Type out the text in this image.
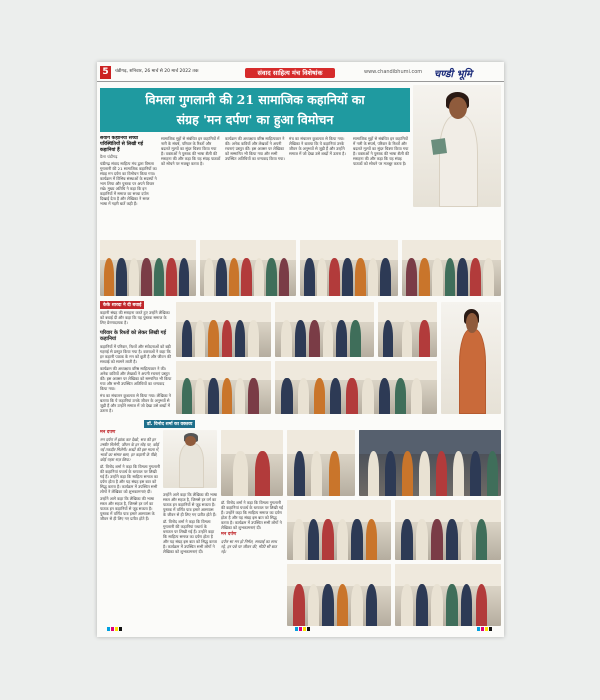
5	चंडीगढ़, शनिवार, 26 मार्च से 20 मार्च 2022 तक	संवाद साहित्य मंच विशेषांक	www.chandibhumi.com चण्डी भूमि
विमला गुगलानी की 21 सामाजिक कहानियों का
संग्रह 'मन दर्पण' का हुआ विमोचन
संयोग कहानियां सच्ची परिस्थितियों से लिखी गई कहानियां हैं
डैला चंडीगढ़

चंडीगढ़ संवाद साहित्य मंच द्वारा विमला गुगलानी की 21 सामाजिक कहानियों का संग्रह मन दर्पण का विमोचन किया गया। कार्यक्रम में विभिन्न संस्थाओं के सदस्यों ने भाग लिया और पुस्तक पर अपने विचार रखे। मुख्य अतिथि ने कहा कि इन कहानियों में समाज का सच्चा दर्पण दिखाई देता है और लेखिका ने सरल भाषा में गहरी बातें कही हैं।

सामाजिक मुद्दों से संबंधित इन कहानियों में नारी के संघर्ष, परिवार के रिश्तों और बदलते मूल्यों का सुंदर चित्रण किया गया है। वक्ताओं ने पुस्तक की भाषा शैली की सराहना की और कहा कि यह संग्रह पाठकों को सोचने पर मजबूर करता है।

कार्यक्रम की अध्यक्षता वरिष्ठ साहित्यकार ने की। अनेक कवियों और लेखकों ने अपनी रचनाएं प्रस्तुत कीं। इस अवसर पर लेखिका को सम्मानित भी किया गया और सभी उपस्थित अतिथियों का धन्यवाद किया गया।

मंच का संचालन कुशलता से किया गया। लेखिका ने बताया कि ये कहानियां उनके जीवन के अनुभवों से जुड़ी हैं और उन्होंने समाज में जो देखा उसे शब्दों में उतारा है।

सामाजिक मुद्दों से संबंधित इन कहानियों में नारी के संघर्ष, परिवार के रिश्तों और बदलते मूल्यों का सुंदर चित्रण किया गया है। वक्ताओं ने पुस्तक की भाषा शैली की सराहना की और कहा कि यह संग्रह पाठकों को सोचने पर मजबूर करता है।

केके शारदा ने दी बधाई

कहानी संग्रह की सराहना करते हुए उन्होंने लेखिका को बधाई दी और कहा कि यह पुस्तक समाज के लिए प्रेरणादायक है।

परिवार के रिश्तों को लेकर लिखी गई कहानियां

कहानियों में परिवार, रिश्तों और संवेदनाओं को बड़ी गहराई से प्रस्तुत किया गया है। वक्ताओं ने कहा कि हर कहानी पाठक के मन को छूती है और जीवन की सच्चाई को सामने लाती है।

कार्यक्रम की अध्यक्षता वरिष्ठ साहित्यकार ने की। अनेक कवियों और लेखकों ने अपनी रचनाएं प्रस्तुत कीं। इस अवसर पर लेखिका को सम्मानित भी किया गया और सभी उपस्थित अतिथियों का धन्यवाद किया गया।

मंच का संचालन कुशलता से किया गया। लेखिका ने बताया कि ये कहानियां उनके जीवन के अनुभवों से जुड़ी हैं और उन्होंने समाज में जो देखा उसे शब्दों में उतारा है।

डॉ. विनोद शर्मा का वक्तव्य
मन दर्पण

मन दर्पण में झांक कर देखो, सच की हर तस्वीर मिलेगी, जीवन के हर मोड़ पर, कोई नई तकदीर मिलेगी। शब्दों की इस माला में, भावों का संसार बसा, हर कहानी के पीछे, कोई गहरा राज़ छिपा।

डॉ. विनोद शर्मा ने कहा कि विमला गुगलानी की कहानियां यथार्थ के धरातल पर लिखी गई हैं। उन्होंने कहा कि साहित्य समाज का दर्पण होता है और यह संग्रह इस बात को सिद्ध करता है। कार्यक्रम में उपस्थित सभी लोगों ने लेखिका को शुभकामनाएं दीं।

उन्होंने आगे कहा कि लेखिका की भाषा सरल और सहज है, जिससे हर वर्ग का पाठक इन कहानियों से जुड़ सकता है। पुस्तक में वर्णित पात्र हमारे आसपास के जीवन से ही लिए गए प्रतीत होते हैं।

उन्होंने आगे कहा कि लेखिका की भाषा सरल और सहज है, जिससे हर वर्ग का पाठक इन कहानियों से जुड़ सकता है। पुस्तक में वर्णित पात्र हमारे आसपास के जीवन से ही लिए गए प्रतीत होते हैं।

डॉ. विनोद शर्मा ने कहा कि विमला गुगलानी की कहानियां यथार्थ के धरातल पर लिखी गई हैं। उन्होंने कहा कि साहित्य समाज का दर्पण होता है और यह संग्रह इस बात को सिद्ध करता है। कार्यक्रम में उपस्थित सभी लोगों ने लेखिका को शुभकामनाएं दीं।

डॉ. विनोद शर्मा ने कहा कि विमला गुगलानी की कहानियां यथार्थ के धरातल पर लिखी गई हैं। उन्होंने कहा कि साहित्य समाज का दर्पण होता है और यह संग्रह इस बात को सिद्ध करता है। कार्यक्रम में उपस्थित सभी लोगों ने लेखिका को शुभकामनाएं दीं।

मन दर्पण

दर्पण सा मन हो निर्मल, सच्चाई का साथ रहे, हर पन्ने पर जीवन की, मीठी सी बात रहे।
